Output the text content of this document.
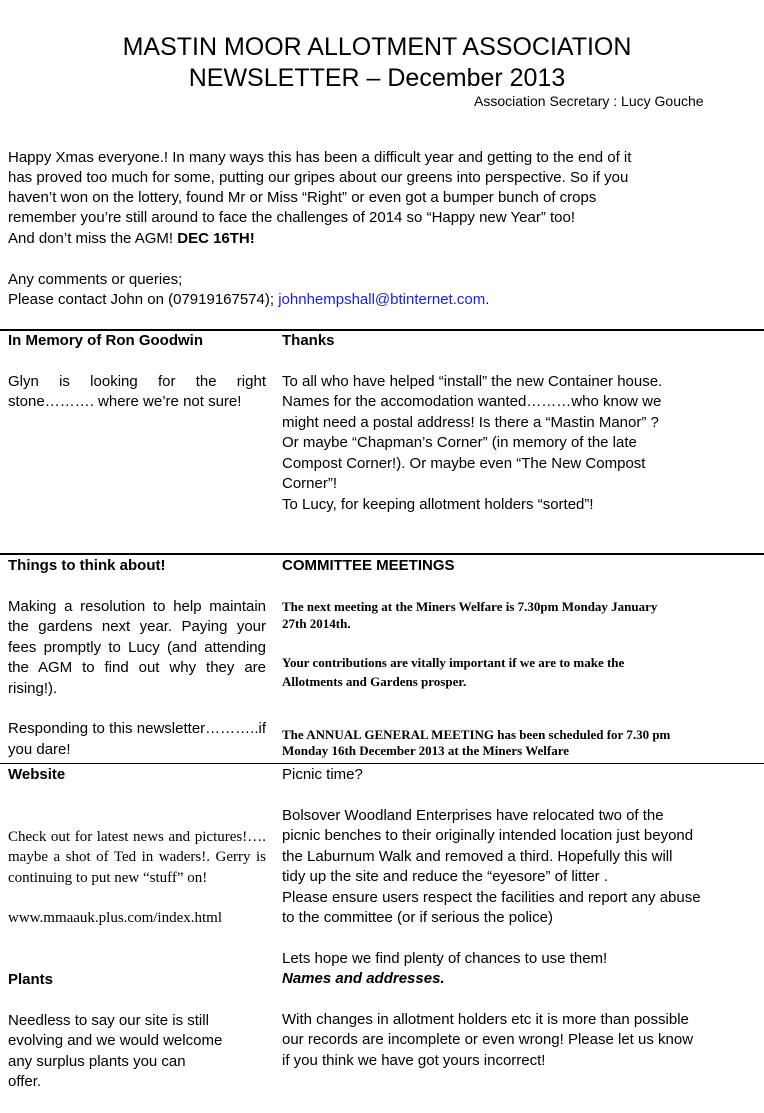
MASTIN MOOR ALLOTMENT ASSOCIATION
NEWSLETTER – December 2013
Association Secretary : Lucy Gouche
Happy Xmas everyone.! In many ways this has been a difficult year and getting to the end of it
has proved too much for some, putting our gripes about our greens into perspective. So if you
haven’t won on the lottery, found Mr or Miss “Right” or even got a bumper bunch of crops
remember you’re still around to face the challenges of 2014 so “Happy new Year” too!
And don’t miss the AGM! DEC 16TH!
Any comments or queries;
Please contact John on (07919167574); johnhempshall@btinternet.com.
In Memory of Ron Goodwin
Glyn is looking for the right stone………. where we’re not sure!
Thanks
To all who have helped “install” the new Container house.
Names for the accomodation wanted………who know we
might need a postal address! Is there a “Mastin Manor” ?
Or maybe “Chapman’s Corner” (in memory of the late
Compost Corner!). Or maybe even “The New Compost
Corner”!
To Lucy, for keeping allotment holders “sorted”!
Things to think about!
Making a resolution to help maintain the gardens next year. Paying your fees promptly to Lucy (and attending the AGM to find out why they are rising!).
Responding to this newsletter………..if you dare!
COMMITTEE MEETINGS
The next meeting at the Miners Welfare is 7.30pm Monday January
27th 2014th.
Your contributions are vitally important if we are to make the
Allotments and Gardens prosper.
The ANNUAL GENERAL MEETING has been scheduled for 7.30 pm
Monday 16th December 2013 at the Miners Welfare
Website
Check out for latest news and pictures!…. maybe a shot of Ted in waders!. Gerry is continuing to put new “stuff” on!
www.mmaauk.plus.com/index.html
Plants
Needless to say our site is still
evolving and we would welcome
any surplus plants you can
offer.
Picnic time?
Bolsover Woodland Enterprises have relocated two of the
picnic benches to their originally intended location just beyond
the Laburnum Walk and removed a third. Hopefully this will
tidy up the site and reduce the “eyesore” of litter .
Please ensure users respect the facilities and report any abuse
to the committee (or if serious the police)
Lets hope we find plenty of chances to use them!
Names and addresses.
With changes in allotment holders etc it is more than possible
our records are incomplete or even wrong! Please let us know
if you think we have got yours incorrect!
